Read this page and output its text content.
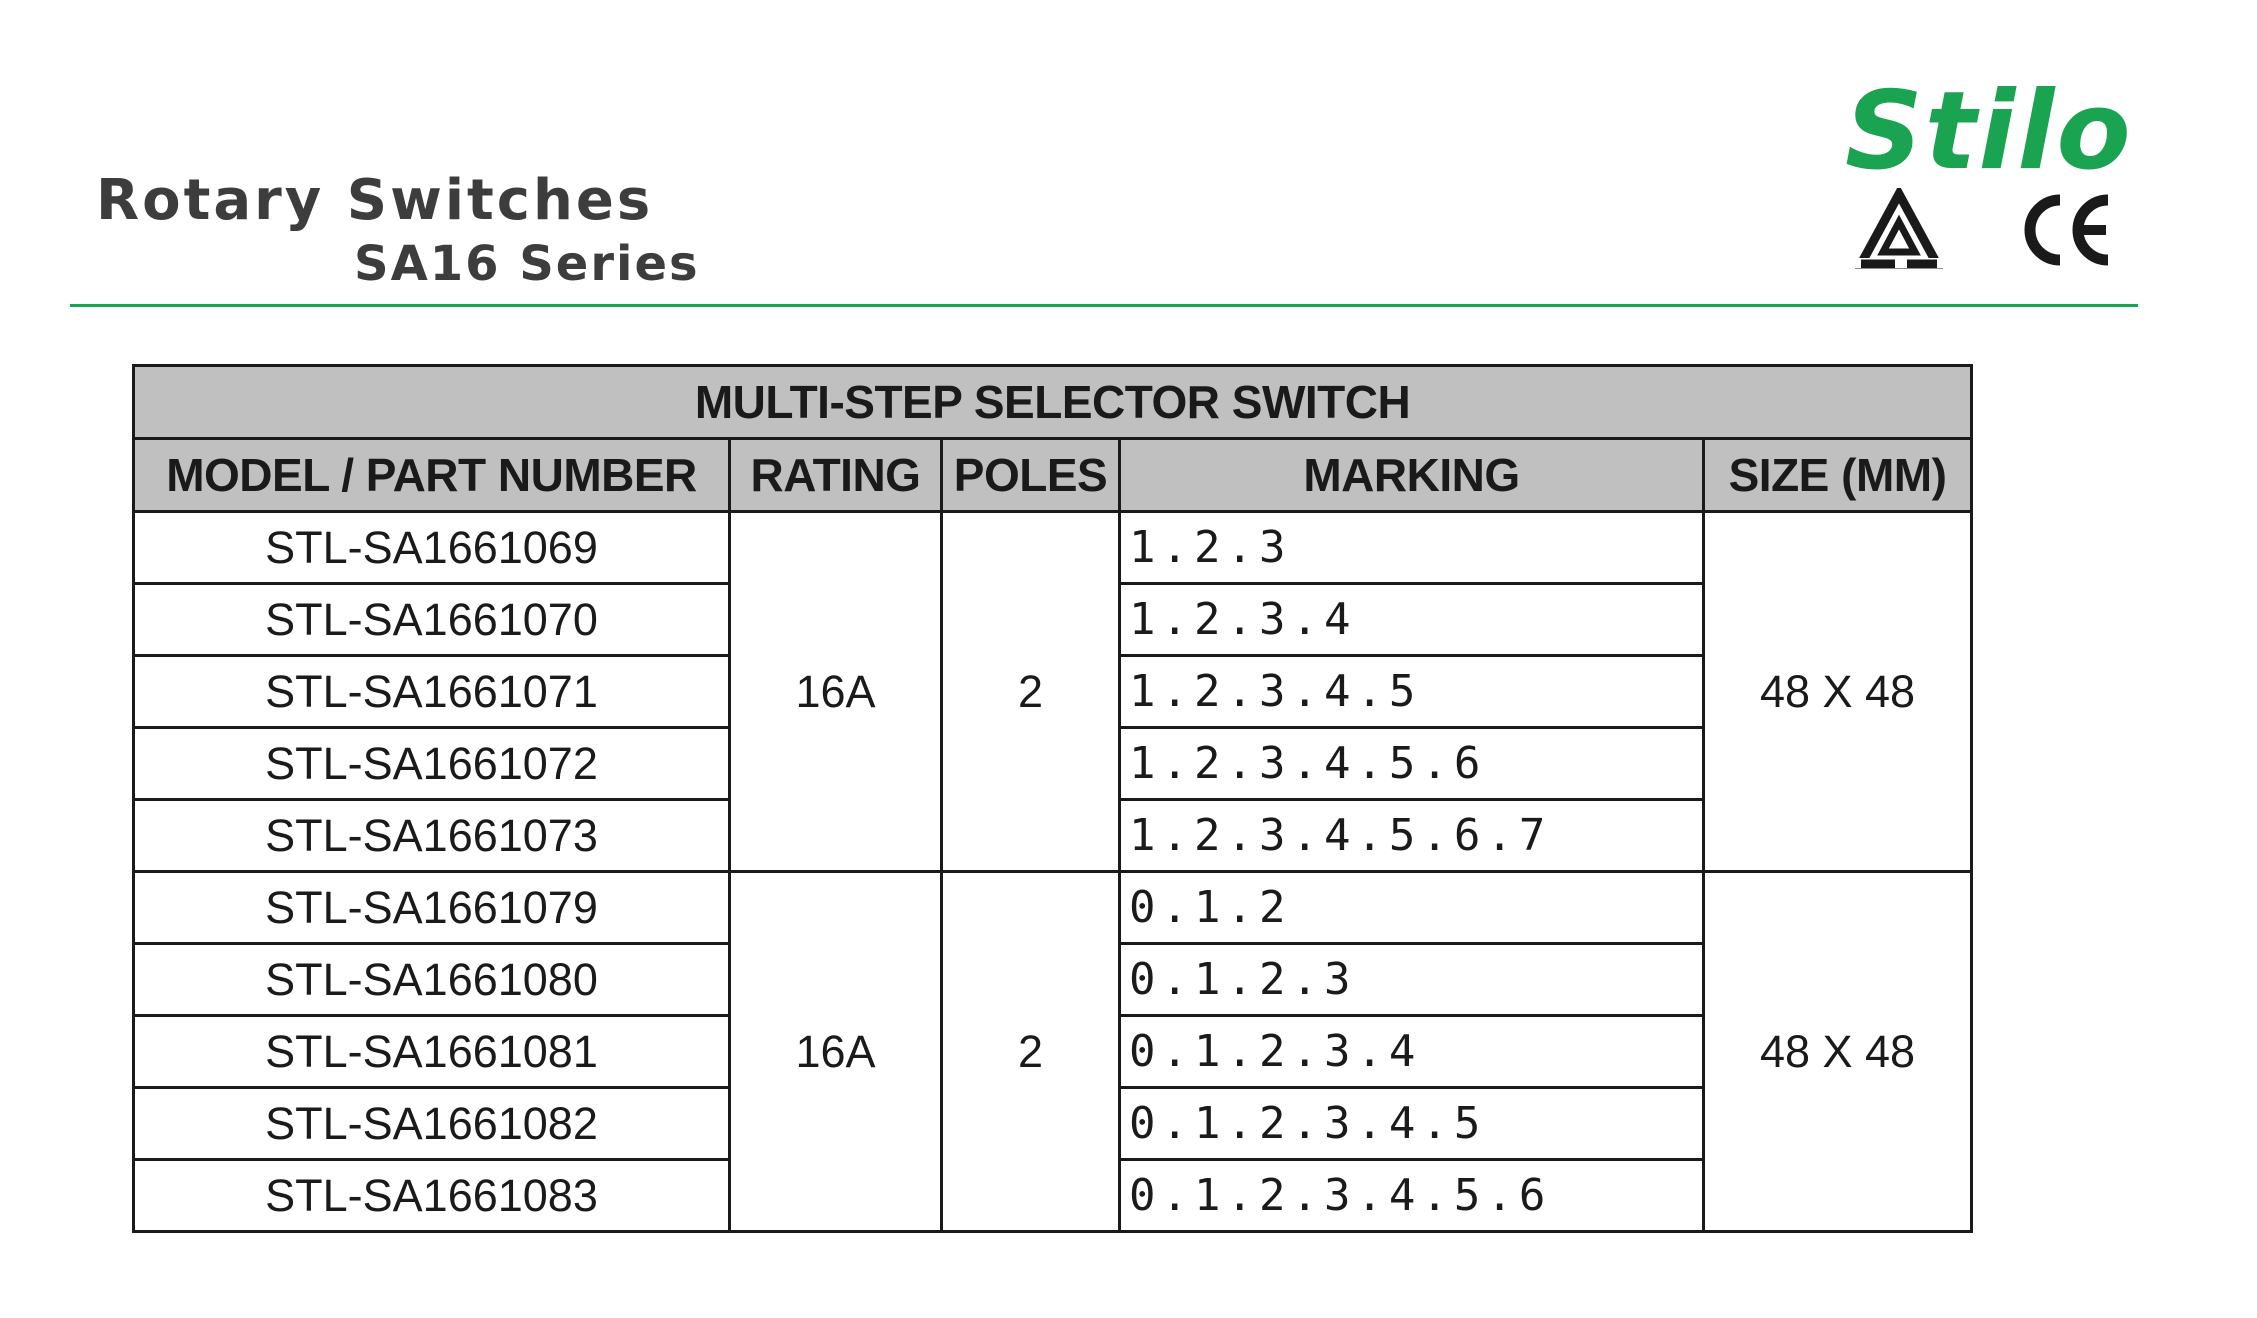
Rotary Switches
SA16 Series
Stilo
MULTI-STEP SELECTOR SWITCH				
MODEL / PART NUMBER	RATING	POLES	MARKING	SIZE (MM)
STL-SA1661069	16A	2	1.2.3	48 X 48
STL-SA1661070			1.2.3.4	
STL-SA1661071			1.2.3.4.5	
STL-SA1661072			1.2.3.4.5.6	
STL-SA1661073			1.2.3.4.5.6.7	
STL-SA1661079	16A	2	0.1.2	48 X 48
STL-SA1661080			0.1.2.3	
STL-SA1661081			0.1.2.3.4	
STL-SA1661082			0.1.2.3.4.5	
STL-SA1661083			0.1.2.3.4.5.6	
